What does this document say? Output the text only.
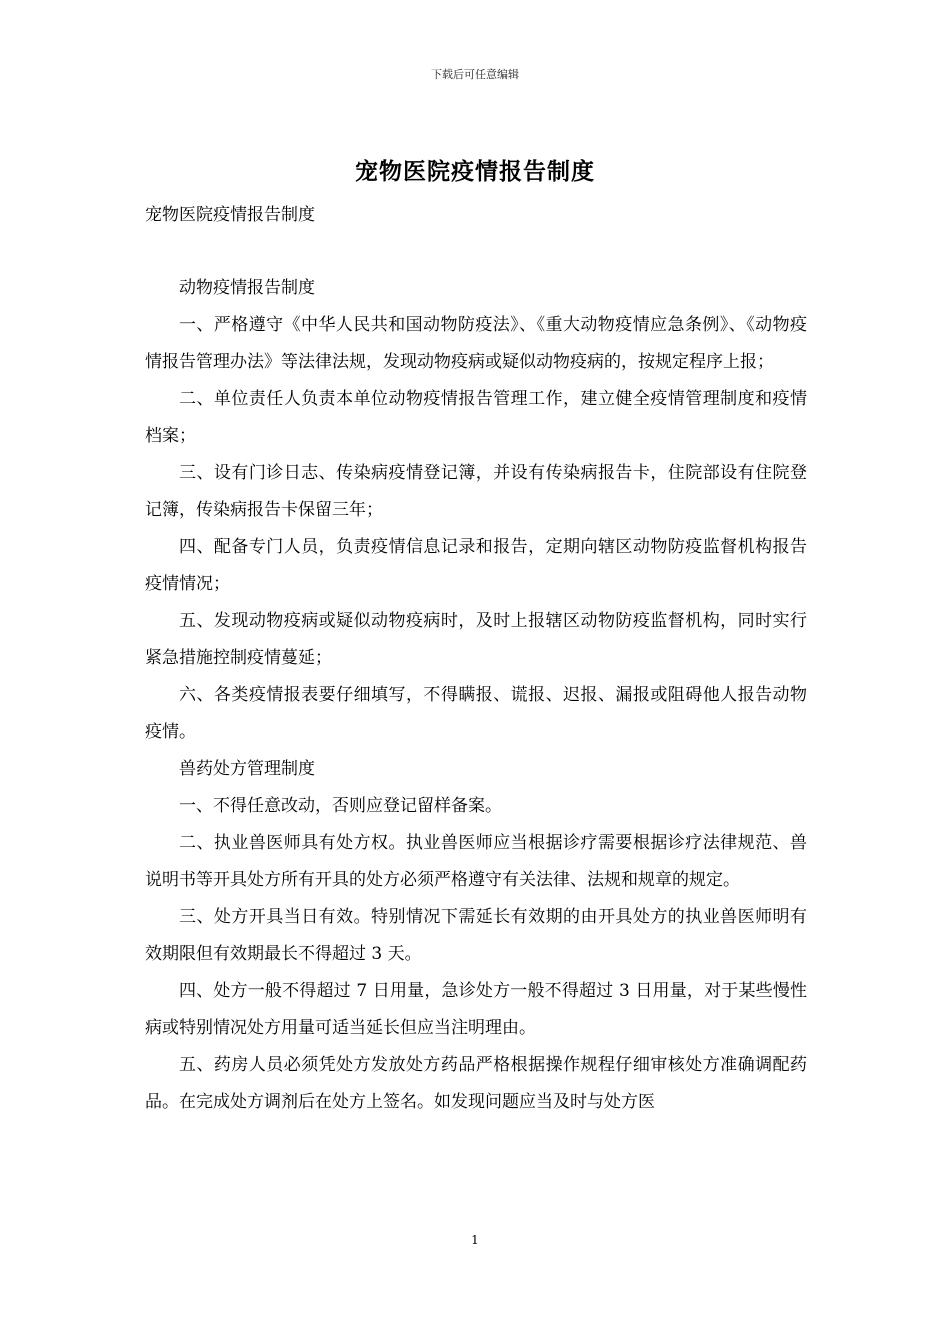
下载后可任意编辑
宠物医院疫情报告制度
宠物医院疫情报告制度

动物疫情报告制度

一、严格遵守《中华人民共和国动物防疫法》、《重大动物疫情应急条例》、《动物疫情报告管理办法》等法律法规，发现动物疫病或疑似动物疫病的，按规定程序上报；

二、单位责任人负责本单位动物疫情报告管理工作，建立健全疫情管理制度和疫情档案；

三、设有门诊日志、传染病疫情登记簿，并设有传染病报告卡，住院部设有住院登记簿，传染病报告卡保留三年；

四、配备专门人员，负责疫情信息记录和报告，定期向辖区动物防疫监督机构报告疫情情况；

五、发现动物疫病或疑似动物疫病时，及时上报辖区动物防疫监督机构，同时实行紧急措施控制疫情蔓延；

六、各类疫情报表要仔细填写，不得瞒报、谎报、迟报、漏报或阻碍他人报告动物疫情。

兽药处方管理制度

一、不得任意改动，否则应登记留样备案。

二、执业兽医师具有处方权。执业兽医师应当根据诊疗需要根据诊疗法律规范、兽说明书等开具处方所有开具的处方必须严格遵守有关法律、法规和规章的规定。

三、处方开具当日有效。特别情况下需延长有效期的由开具处方的执业兽医师明有效期限但有效期最长不得超过 3 天。

四、处方一般不得超过 7 日用量，急诊处方一般不得超过 3 日用量，对于某些慢性病或特别情况处方用量可适当延长但应当注明理由。

五、药房人员必须凭处方发放处方药品严格根据操作规程仔细审核处方准确调配药品。在完成处方调剂后在处方上签名。如发现问题应当及时与处方医

1
